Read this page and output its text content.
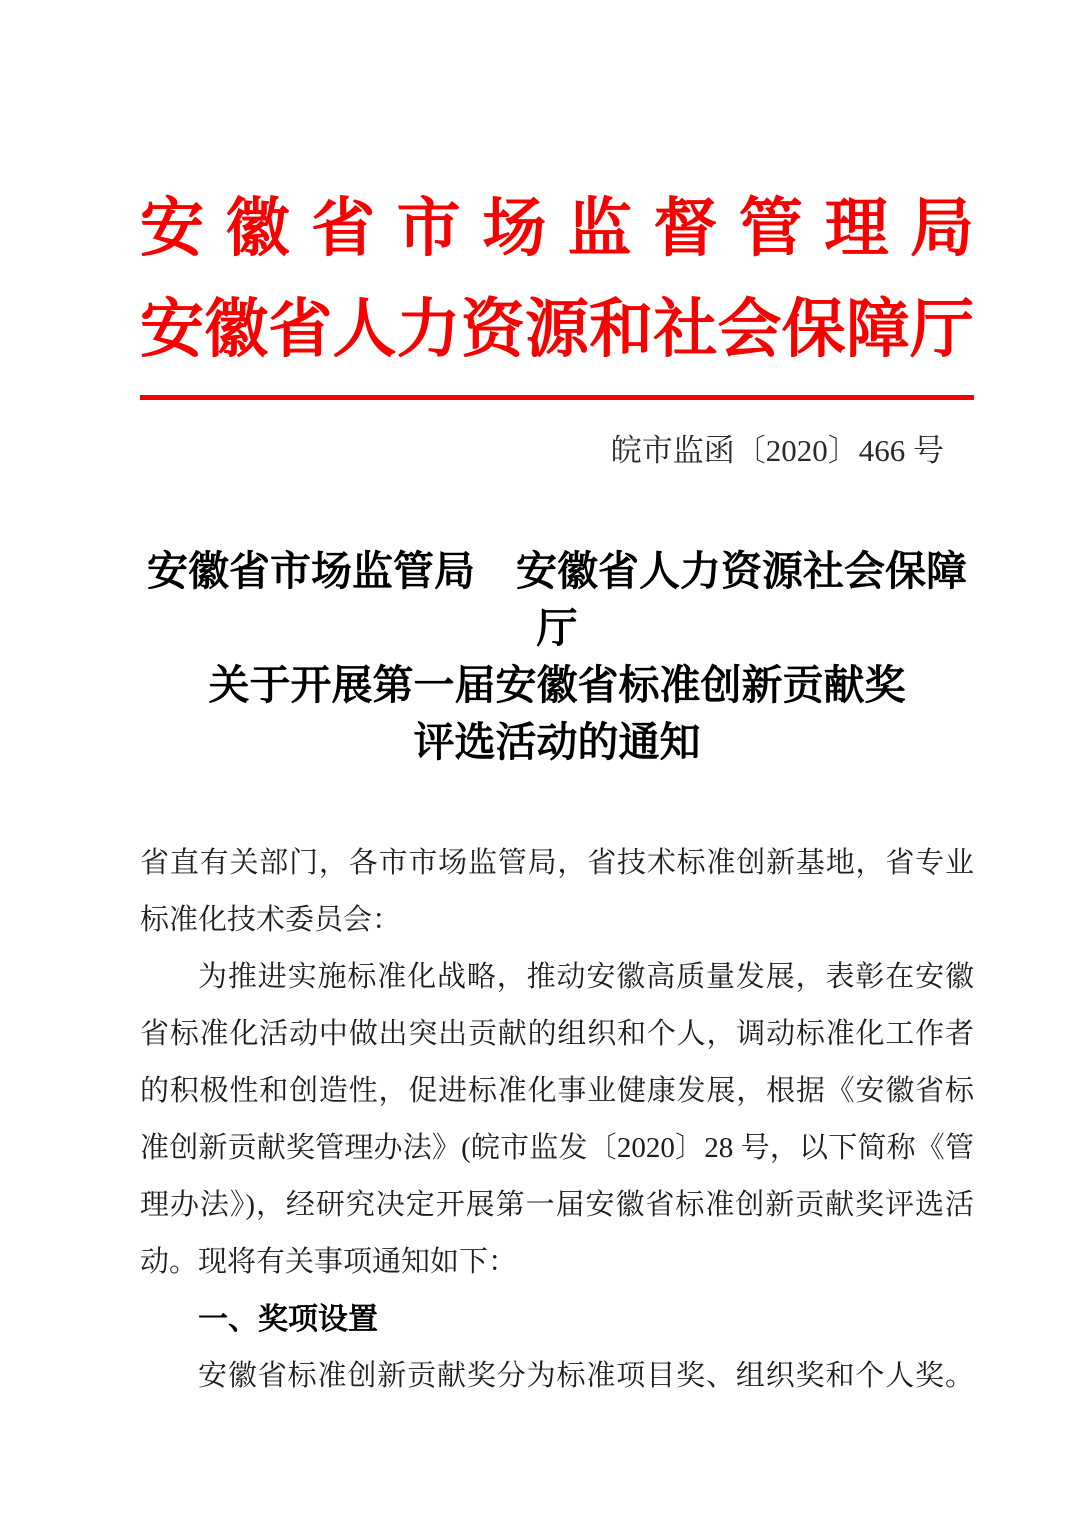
安徽省市场监督管理局
安徽省人力资源和社会保障厅
皖市监函〔2020〕466 号
安徽省市场监管局　安徽省人力资源社会保障厅
关于开展第一届安徽省标准创新贡献奖
评选活动的通知
省直有关部门，各市市场监管局，省技术标准创新基地，省专业
标准化技术委员会：
为推进实施标准化战略，推动安徽高质量发展，表彰在安徽
省标准化活动中做出突出贡献的组织和个人，调动标准化工作者
的积极性和创造性，促进标准化事业健康发展，根据《安徽省标
准创新贡献奖管理办法》(皖市监发〔2020〕28 号，以下简称《管
理办法》)，经研究决定开展第一届安徽省标准创新贡献奖评选活
动。现将有关事项通知如下：
一、奖项设置
安徽省标准创新贡献奖分为标准项目奖、组织奖和个人奖。
